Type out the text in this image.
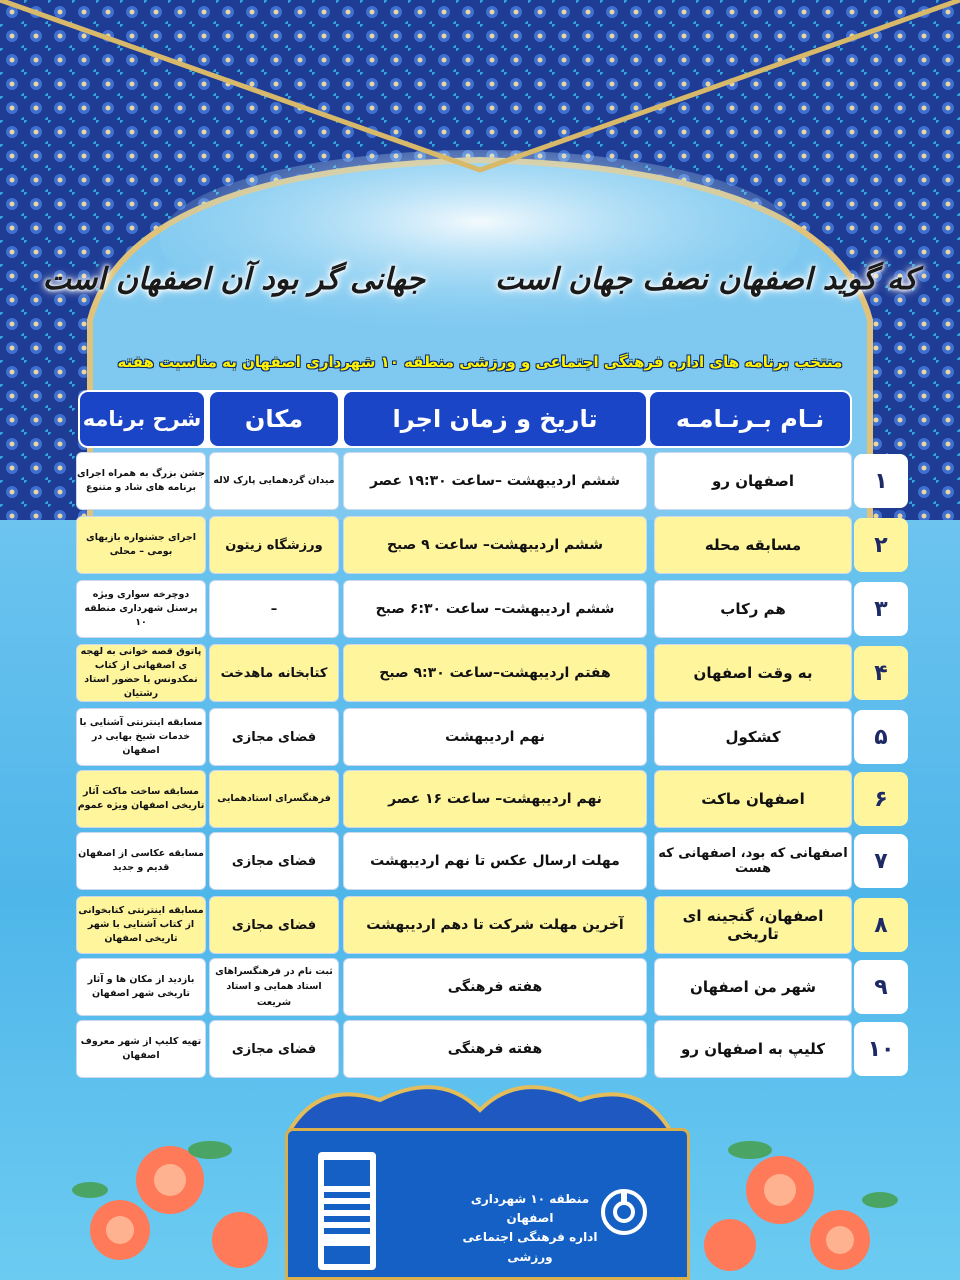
که گوید اصفهان نصف جهان است
جهانی گر بود آن اصفهان است
منتخب برنامه های اداره فرهنگی اجتماعی و ورزشی منطقه ۱۰ شهرداری اصفهان به مناسبت هفته
نـام بـرنـامـه
تاریخ و زمان اجرا
مکان
شرح برنامه
۱
اصفهان رو
ششم اردیبهشت –ساعت ۱۹:۳۰ عصر
میدان گردهمایی پارک لاله
جشن بزرگ به همراه اجرای برنامه های شاد و متنوع
۲
مسابقه محله
ششم اردیبهشت– ساعت ۹ صبح
ورزشگاه زیتون
اجرای جشنواره بازیهای بومی – محلی
۳
هم رکاب
ششم اردیبهشت– ساعت ۶:۳۰ صبح
–
دوچرخه سواری ویژه پرسنل شهرداری منطقه ۱۰
۴
به وقت اصفهان
هفتم اردیبهشت–ساعت ۹:۳۰ صبح
کتابخانه ماهدخت
پاتوق قصه خوانی به لهجه ی اصفهانی از کتاب نمکدونس با حضور استاد رشتیان
۵
کشکول
نهم اردیبهشت
فضای مجازی
مسابقه اینترنتی آشنایی با خدمات شیخ بهایی در اصفهان
۶
اصفهان ماکت
نهم اردیبهشت– ساعت ۱۶ عصر
فرهنگسرای استادهمایی
مسابقه ساخت ماکت آثار تاریخی اصفهان ویژه عموم
۷
اصفهانی که بود، اصفهانی که هست
مهلت ارسال عکس تا نهم اردیبهشت
فضای مجازی
مسابقه عکاسی از اصفهان قدیم و جدید
۸
اصفهان، گنجینه ای تاریخی
آخرین مهلت شرکت تا دهم اردیبهشت
فضای مجازی
مسابقه اینترنتی کتابخوانی از کتاب آشنایی با شهر تاریخی اصفهان
۹
شهر من اصفهان
هفته فرهنگی
ثبت نام در فرهنگسراهای استاد همایی و استاد شریعت
بازدید از مکان ها و آثار تاریخی شهر اصفهان
۱۰
کلیپ به اصفهان رو
هفته فرهنگی
فضای مجازی
تهیه کلیپ از شهر معروف اصفهان
منطقه ۱۰ شهرداری اصفهان
اداره فرهنگی اجتماعی ورزشی
